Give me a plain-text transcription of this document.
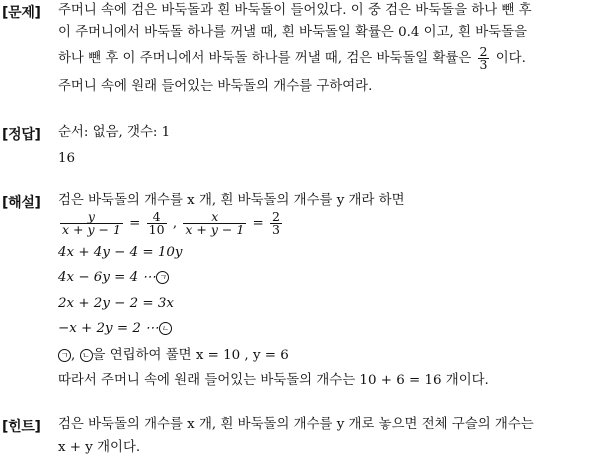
[문제] 주머니 속에 검은 바둑돌과 흰 바둑돌이 들어있다. 이 중 검은 바둑돌을 하나 뺀 후
이 주머니에서 바둑돌 하나를 꺼낼 때, 흰 바둑돌일 확률은 0.4 이고, 흰 바둑돌을
하나 뺀 후 이 주머니에서 바둑돌 하나를 꺼낼 때, 검은 바둑돌일 확률은 $\frac{2}{3}$ 이다.
주머니 속에 원래 들어있는 바둑돌의 개수를 구하여라.
[정답] 순서: 없음, 갯수: 1
16
[해설] 검은 바둑돌의 개수를 x 개, 흰 바둑돌의 개수를 y 개라 하면
$\frac{y}{x + y - 1} = \frac{4}{10}$ , $\frac{x}{x + y - 1} = \frac{2}{3}$
4x + 4y − 4 = 10y
4x − 6y = 4 ⋯ ㄱ
2x + 2y − 2 = 3x
−x + 2y = 2 ⋯ ㄴ
ㄱ , ㄴ 을 연립하여 풀면 x = 10 , y = 6
따라서 주머니 속에 원래 들어있는 바둑돌의 개수는 10 + 6 = 16 개이다.
[힌트] 검은 바둑돌의 개수를 x 개, 흰 바둑돌의 개수를 y 개로 놓으면 전체 구슬의 개수는
x + y 개이다.
